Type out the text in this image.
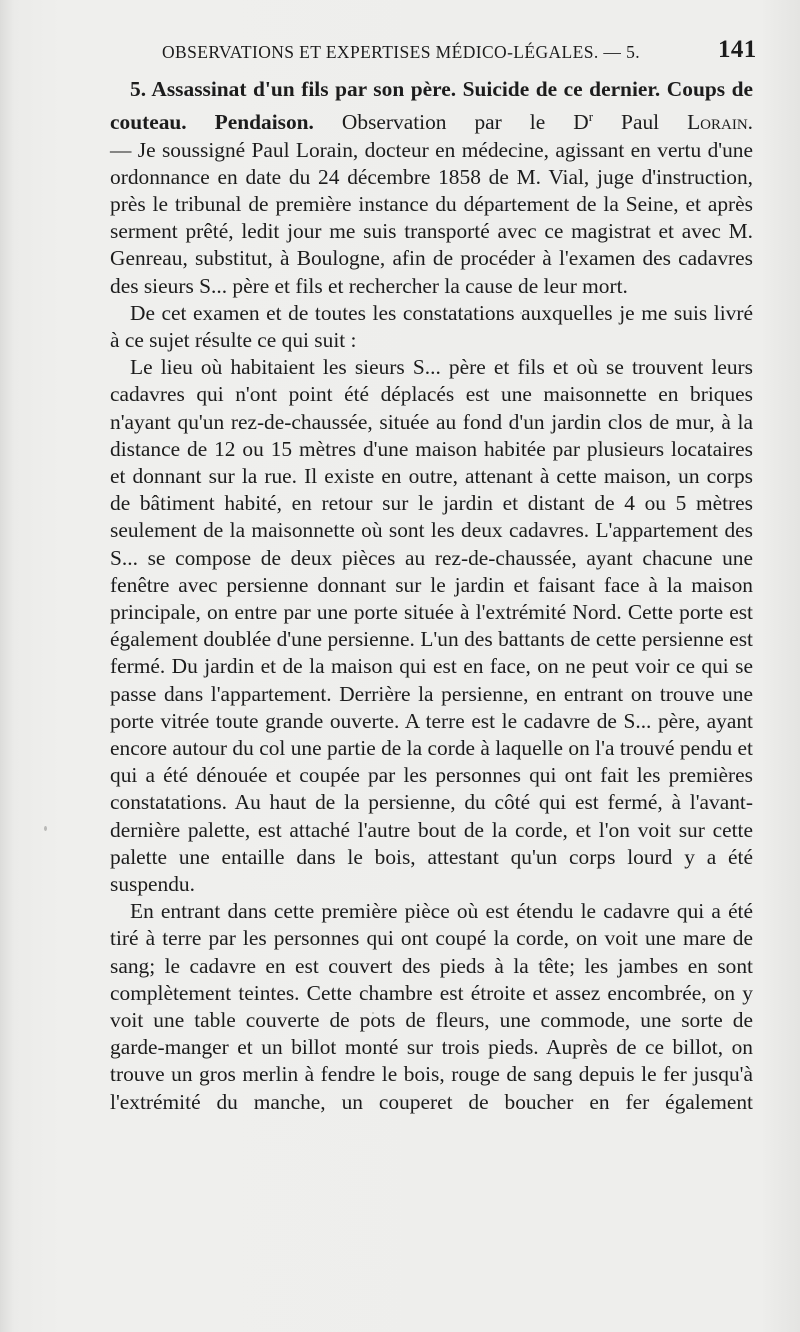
OBSERVATIONS ET EXPERTISES MÉDICO-LÉGALES. — 5.	141

5. Assassinat d'un fils par son père. Suicide de ce dernier. Coups de couteau. Pendaison. Observation par le $D^r$ Paul Lorain.

— Je soussigné Paul Lorain, docteur en médecine, agissant en vertu d'une ordonnance en date du 24 décembre 1858 de M. Vial, juge d'instruction, près le tribunal de première instance du département de la Seine, et après serment prêté, ledit jour me suis transporté avec ce magistrat et avec M. Genreau, substitut, à Boulogne, afin de procéder à l'examen des cadavres des sieurs S... père et fils et rechercher la cause de leur mort.

De cet examen et de toutes les constatations auxquelles je me suis livré à ce sujet résulte ce qui suit :

Le lieu où habitaient les sieurs S... père et fils et où se trouvent leurs cadavres qui n'ont point été déplacés est une maisonnette en briques n'ayant qu'un rez-de-chaussée, située au fond d'un jardin clos de mur, à la distance de 12 ou 15 mètres d'une maison habitée par plusieurs locataires et donnant sur la rue. Il existe en outre, attenant à cette maison, un corps de bâtiment habité, en retour sur le jardin et distant de 4 ou 5 mètres seulement de la maisonnette où sont les deux cadavres. L'appartement des S... se compose de deux pièces au rez-de-chaussée, ayant chacune une fenêtre avec persienne donnant sur le jardin et faisant face à la maison principale, on entre par une porte située à l'extrémité Nord. Cette porte est également doublée d'une persienne. L'un des battants de cette persienne est fermé. Du jardin et de la maison qui est en face, on ne peut voir ce qui se passe dans l'appartement. Derrière la persienne, en entrant on trouve une porte vitrée toute grande ouverte. A terre est le cadavre de S... père, ayant encore autour du col une partie de la corde à laquelle on l'a trouvé pendu et qui a été dénouée et coupée par les personnes qui ont fait les premières constatations. Au haut de la persienne, du côté qui est fermé, à l'avant-dernière palette, est attaché l'autre bout de la corde, et l'on voit sur cette palette une entaille dans le bois, attestant qu'un corps lourd y a été suspendu.

En entrant dans cette première pièce où est étendu le cadavre qui a été tiré à terre par les personnes qui ont coupé la corde, on voit une mare de sang; le cadavre en est couvert des pieds à la tête; les jambes en sont complètement teintes. Cette chambre est étroite et assez encombrée, on y voit une table couverte de pots de fleurs, une commode, une sorte de garde-manger et un billot monté sur trois pieds. Auprès de ce billot, on trouve un gros merlin à fendre le bois, rouge de sang depuis le fer jusqu'à l'extrémité du manche, un couperet de boucher en fer également
